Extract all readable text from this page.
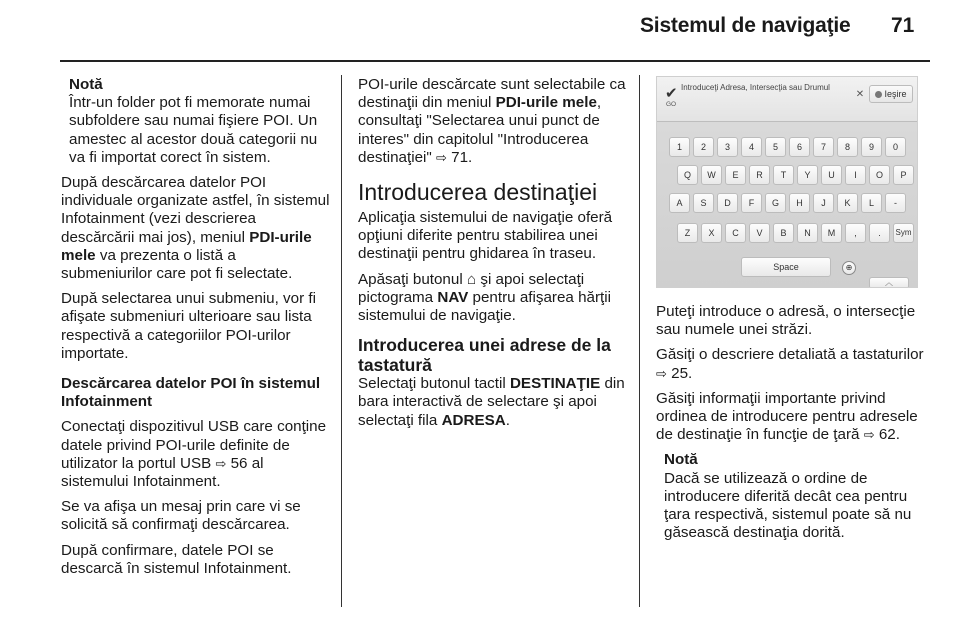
Sistemul de navigaţie 71

Notă

Într-un folder pot fi memorate numai subfoldere sau numai fişiere POI. Un amestec al acestor două categorii nu va fi importat corect în sistem.

După descărcarea datelor POI individuale organizate astfel, în sistemul Infotainment (vezi descrierea descărcării mai jos), meniul PDI-urile mele va prezenta o listă a submeniurilor care pot fi selectate.

După selectarea unui submeniu, vor fi afişate submeniuri ulterioare sau lista respectivă a categoriilor POI-urilor importate.

Descărcarea datelor POI în sistemul Infotainment

Conectaţi dispozitivul USB care conţine datele privind POI-urile definite de utilizator la portul USB ⇨ 56 al sistemului Infotainment.

Se va afişa un mesaj prin care vi se solicită să confirmaţi descărcarea.

După confirmare, datele POI se descarcă în sistemul Infotainment.

POI-urile descărcate sunt selectabile ca destinaţii din meniul PDI-urile mele, consultaţi "Selectarea unui punct de interes" din capitolul "Introducerea destinaţiei" ⇨ 71.

Introducerea destinaţiei

Aplicaţia sistemului de navigaţie oferă opţiuni diferite pentru stabilirea unei destinaţii pentru ghidarea în traseu.

Apăsaţi butonul ⌂ şi apoi selectaţi pictograma NAV pentru afişarea hărţii sistemului de navigaţie.

Introducerea unei adrese de la tastatură

Selectaţi butonul tactil DESTINAŢIE din bara interactivă de selectare şi apoi selectaţi fila ADRESA.

✔
GO
Introduceţi Adresa, Intersecţia sau Drumul
✕	Ieşire
1	2	3	4	5	6	7	8	9	0
Q	W	E	R	T	Y	U	I	O	P
A	S	D	F	G	H	J	K	L	-
Z	X	C	V	B	N	M	,	.	Sym
Space	⊕
︿

Puteţi introduce o adresă, o intersecţie sau numele unei străzi.

Găsiţi o descriere detaliată a tastaturilor ⇨ 25.

Găsiţi informaţii importante privind ordinea de introducere pentru adresele de destinaţie în funcţie de ţară ⇨ 62.

Notă

Dacă se utilizează o ordine de introducere diferită decât cea pentru ţara respectivă, sistemul poate să nu găsească destinaţia dorită.
